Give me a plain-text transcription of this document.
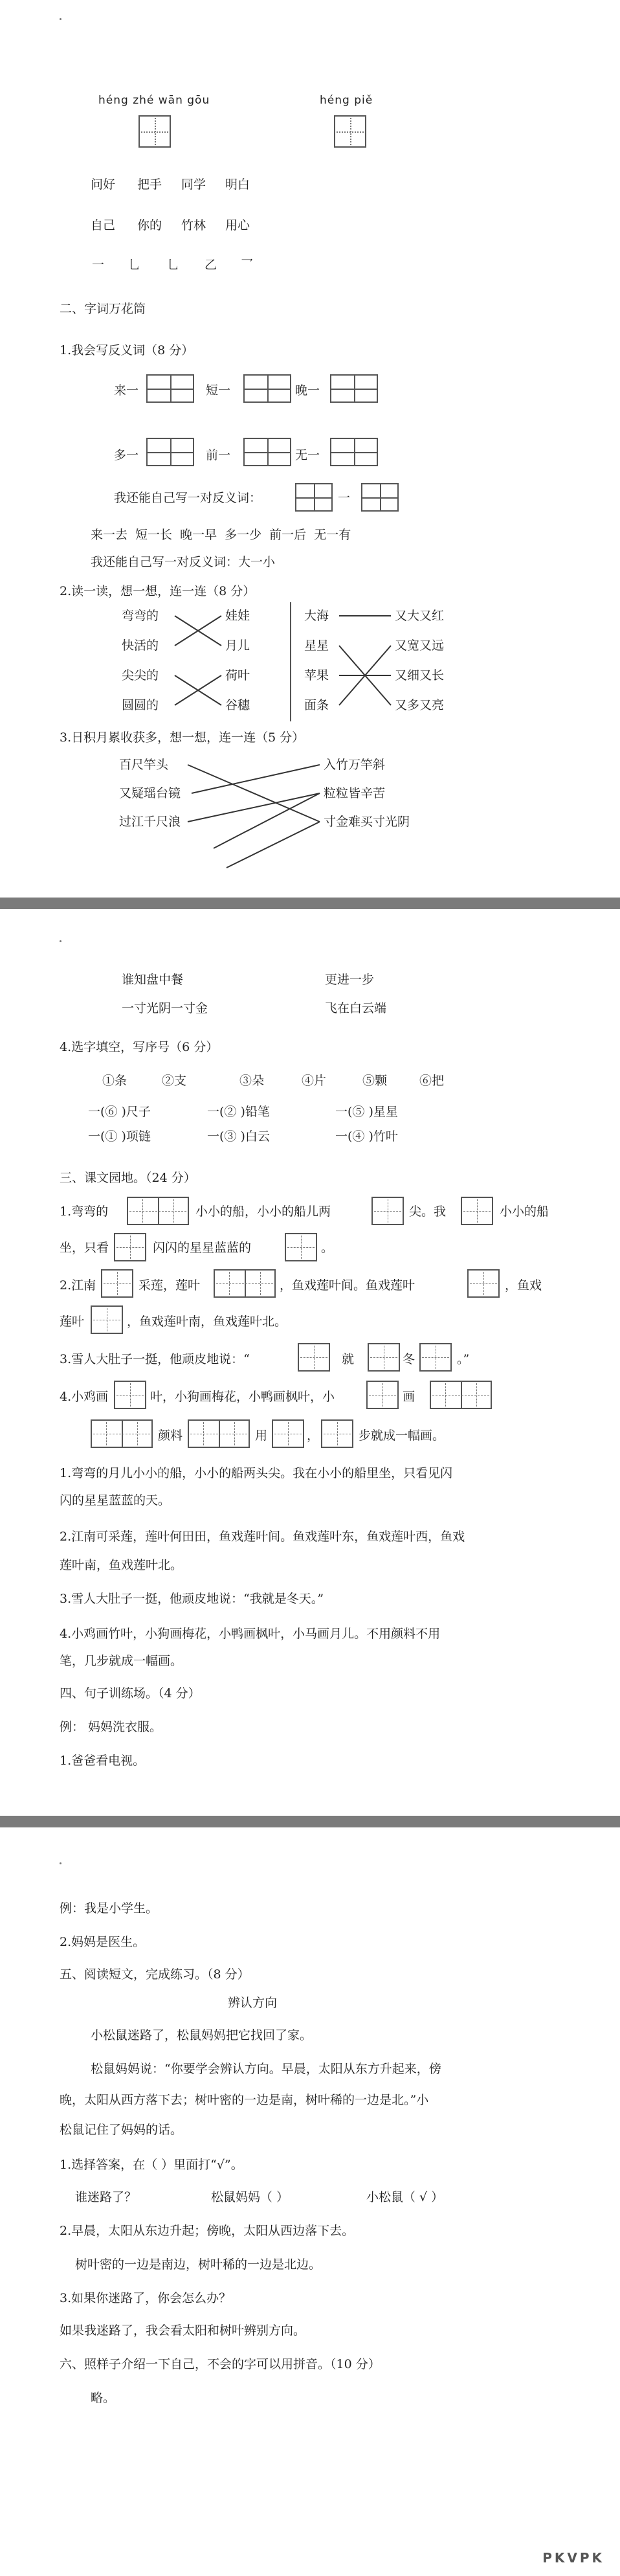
héng zhé wān gōu	héng piě
问好 把手 同学 明白
自己 你的 竹林 用心
一 乚 乚 乙 乛
二、字词万花筒
1.我会写反义词（8 分）
来一	短一	晚一
多一	前一	无一
我还能自己写一对反义词：	一
来一去 短一长 晚一早 多一少 前一后 无一有
我还能自己写一对反义词：大一小
2.读一读，想一想，连一连（8 分）
弯弯的
快活的
尖尖的
圆圆的
娃娃
月儿
荷叶
谷穗
大海
星星
苹果
面条
又大又红
又宽又远
又细又长
又多又亮
3.日积月累收获多，想一想，连一连（5 分）
百尺竿头
又疑瑶台镜
过江千尺浪
入竹万竿斜
粒粒皆辛苦
寸金难买寸光阴
谁知盘中餐	更进一步
一寸光阴一寸金	飞在白云端
4.选字填空，写序号（6 分）
①条	②支	③朵	④片	⑤颗	⑥把
一(⑥ )尺子	一(② )铅笔	一(⑤ )星星
一(① )项链	一(③ )白云	一(④ )竹叶
三、课文园地。（24 分）
1.弯弯的	小小的船，小小的船儿两	尖。我	小小的船
坐，只看	闪闪的星星蓝蓝的	。
2.江南	采莲，莲叶	，鱼戏莲叶间。鱼戏莲叶	，鱼戏
莲叶	，鱼戏莲叶南，鱼戏莲叶北。
3.雪人大肚子一挺，他顽皮地说：“	就	冬	。”
4.小鸡画	叶，小狗画梅花，小鸭画枫叶，小	画
颜料	用	，	步就成一幅画。
1.弯弯的月儿小小的船，小小的船两头尖。我在小小的船里坐，只看见闪
闪的星星蓝蓝的天。
2.江南可采莲，莲叶何田田，鱼戏莲叶间。鱼戏莲叶东，鱼戏莲叶西，鱼戏
莲叶南，鱼戏莲叶北。
3.雪人大肚子一挺，他顽皮地说：“我就是冬天。”
4.小鸡画竹叶，小狗画梅花，小鸭画枫叶，小马画月儿。不用颜料不用
笔，几步就成一幅画。
四、句子训练场。（4 分）
例： 妈妈洗衣服。
1.爸爸看电视。
例：我是小学生。
2.妈妈是医生。
五、阅读短文，完成练习。（8 分）
辨认方向
小松鼠迷路了，松鼠妈妈把它找回了家。
松鼠妈妈说：“你要学会辨认方向。早晨，太阳从东方升起来，傍
晚，太阳从西方落下去；树叶密的一边是南，树叶稀的一边是北。”小
松鼠记住了妈妈的话。
1.选择答案，在（ ）里面打“√”。
谁迷路了？	松鼠妈妈（ ）	小松鼠（ √ ）
2.早晨，太阳从东边升起；傍晚，太阳从西边落下去。
树叶密的一边是南边，树叶稀的一边是北边。
3.如果你迷路了，你会怎么办？
如果我迷路了，我会看太阳和树叶辨别方向。
六、照样子介绍一下自己，不会的字可以用拼音。（10 分）
略。
PKVPK
